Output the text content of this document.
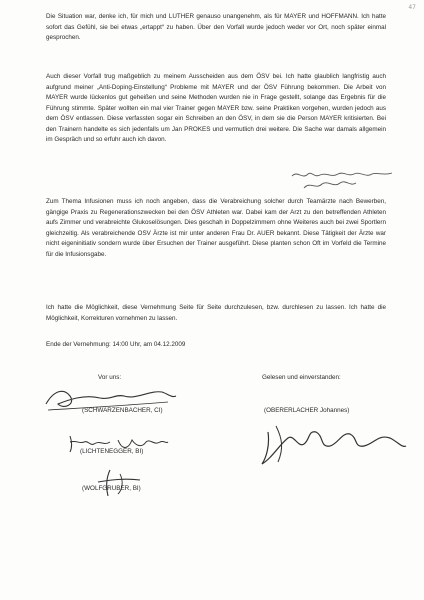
47

Die Situation war, denke ich, für mich und LUTHER genauso unangenehm, als für MAYER und HOFFMANN. Ich hatte sofort das Gefühl, sie bei etwas „ertappt“ zu haben. Über den Vorfall wurde jedoch weder vor Ort, noch später einmal gesprochen.

Auch dieser Vorfall trug maßgeblich zu meinem Ausscheiden aus dem ÖSV bei. Ich hatte glaublich langfristig auch aufgrund meiner „Anti-Doping-Einstellung“ Probleme mit MAYER und der ÖSV Führung bekommen. Die Arbeit von MAYER wurde lückenlos gut geheißen und seine Methoden wurden nie in Frage gestellt, solange das Ergebnis für die Führung stimmte. Später wollten ein mal vier Trainer gegen MAYER bzw. seine Praktiken vorgehen, wurden jedoch aus dem ÖSV entlassen. Diese verfassten sogar ein Schreiben an den ÖSV, in dem sie die Person MAYER kritisierten. Bei den Trainern handelte es sich jedenfalls um Jan PROKES und vermutlich drei weitere. Die Sache war damals allgemein im Gespräch und so erfuhr auch ich davon.

Zum Thema Infusionen muss ich noch angeben, dass die Verabreichung solcher durch Teamärzte nach Bewerben, gängige Praxis zu Regenerationszwecken bei den ÖSV Athleten war. Dabei kam der Arzt zu den betreffenden Athleten aufs Zimmer und verabreichte Glukoselösungen. Dies geschah in Doppelzimmern ohne Weiteres auch bei zwei Sportlern gleichzeitig. Als verabreichende OSV Ärzte ist mir unter anderen Frau Dr. AUER bekannt. Diese Tätigkeit der Ärzte war nicht eigeninitiativ sondern wurde über Ersuchen der Trainer ausgeführt. Diese planten schon Oft im Vorfeld die Termine für die Infusionsgabe.

Ich hatte die Möglichkeit, diese Vernehmung Seite für Seite durchzulesen, bzw. durchlesen zu lassen. Ich hatte die Möglichkeit, Korrekturen vornehmen zu lassen.

Ende der Vernehmung: 14:00 Uhr, am 04.12.2009

Vor uns:	Gelesen und einverstanden:

(SCHWARZENBACHER, CI)	(OBERERLACHER Johannes)

(LICHTENEGGER, BI)

(WOLFGRUBER, BI)
